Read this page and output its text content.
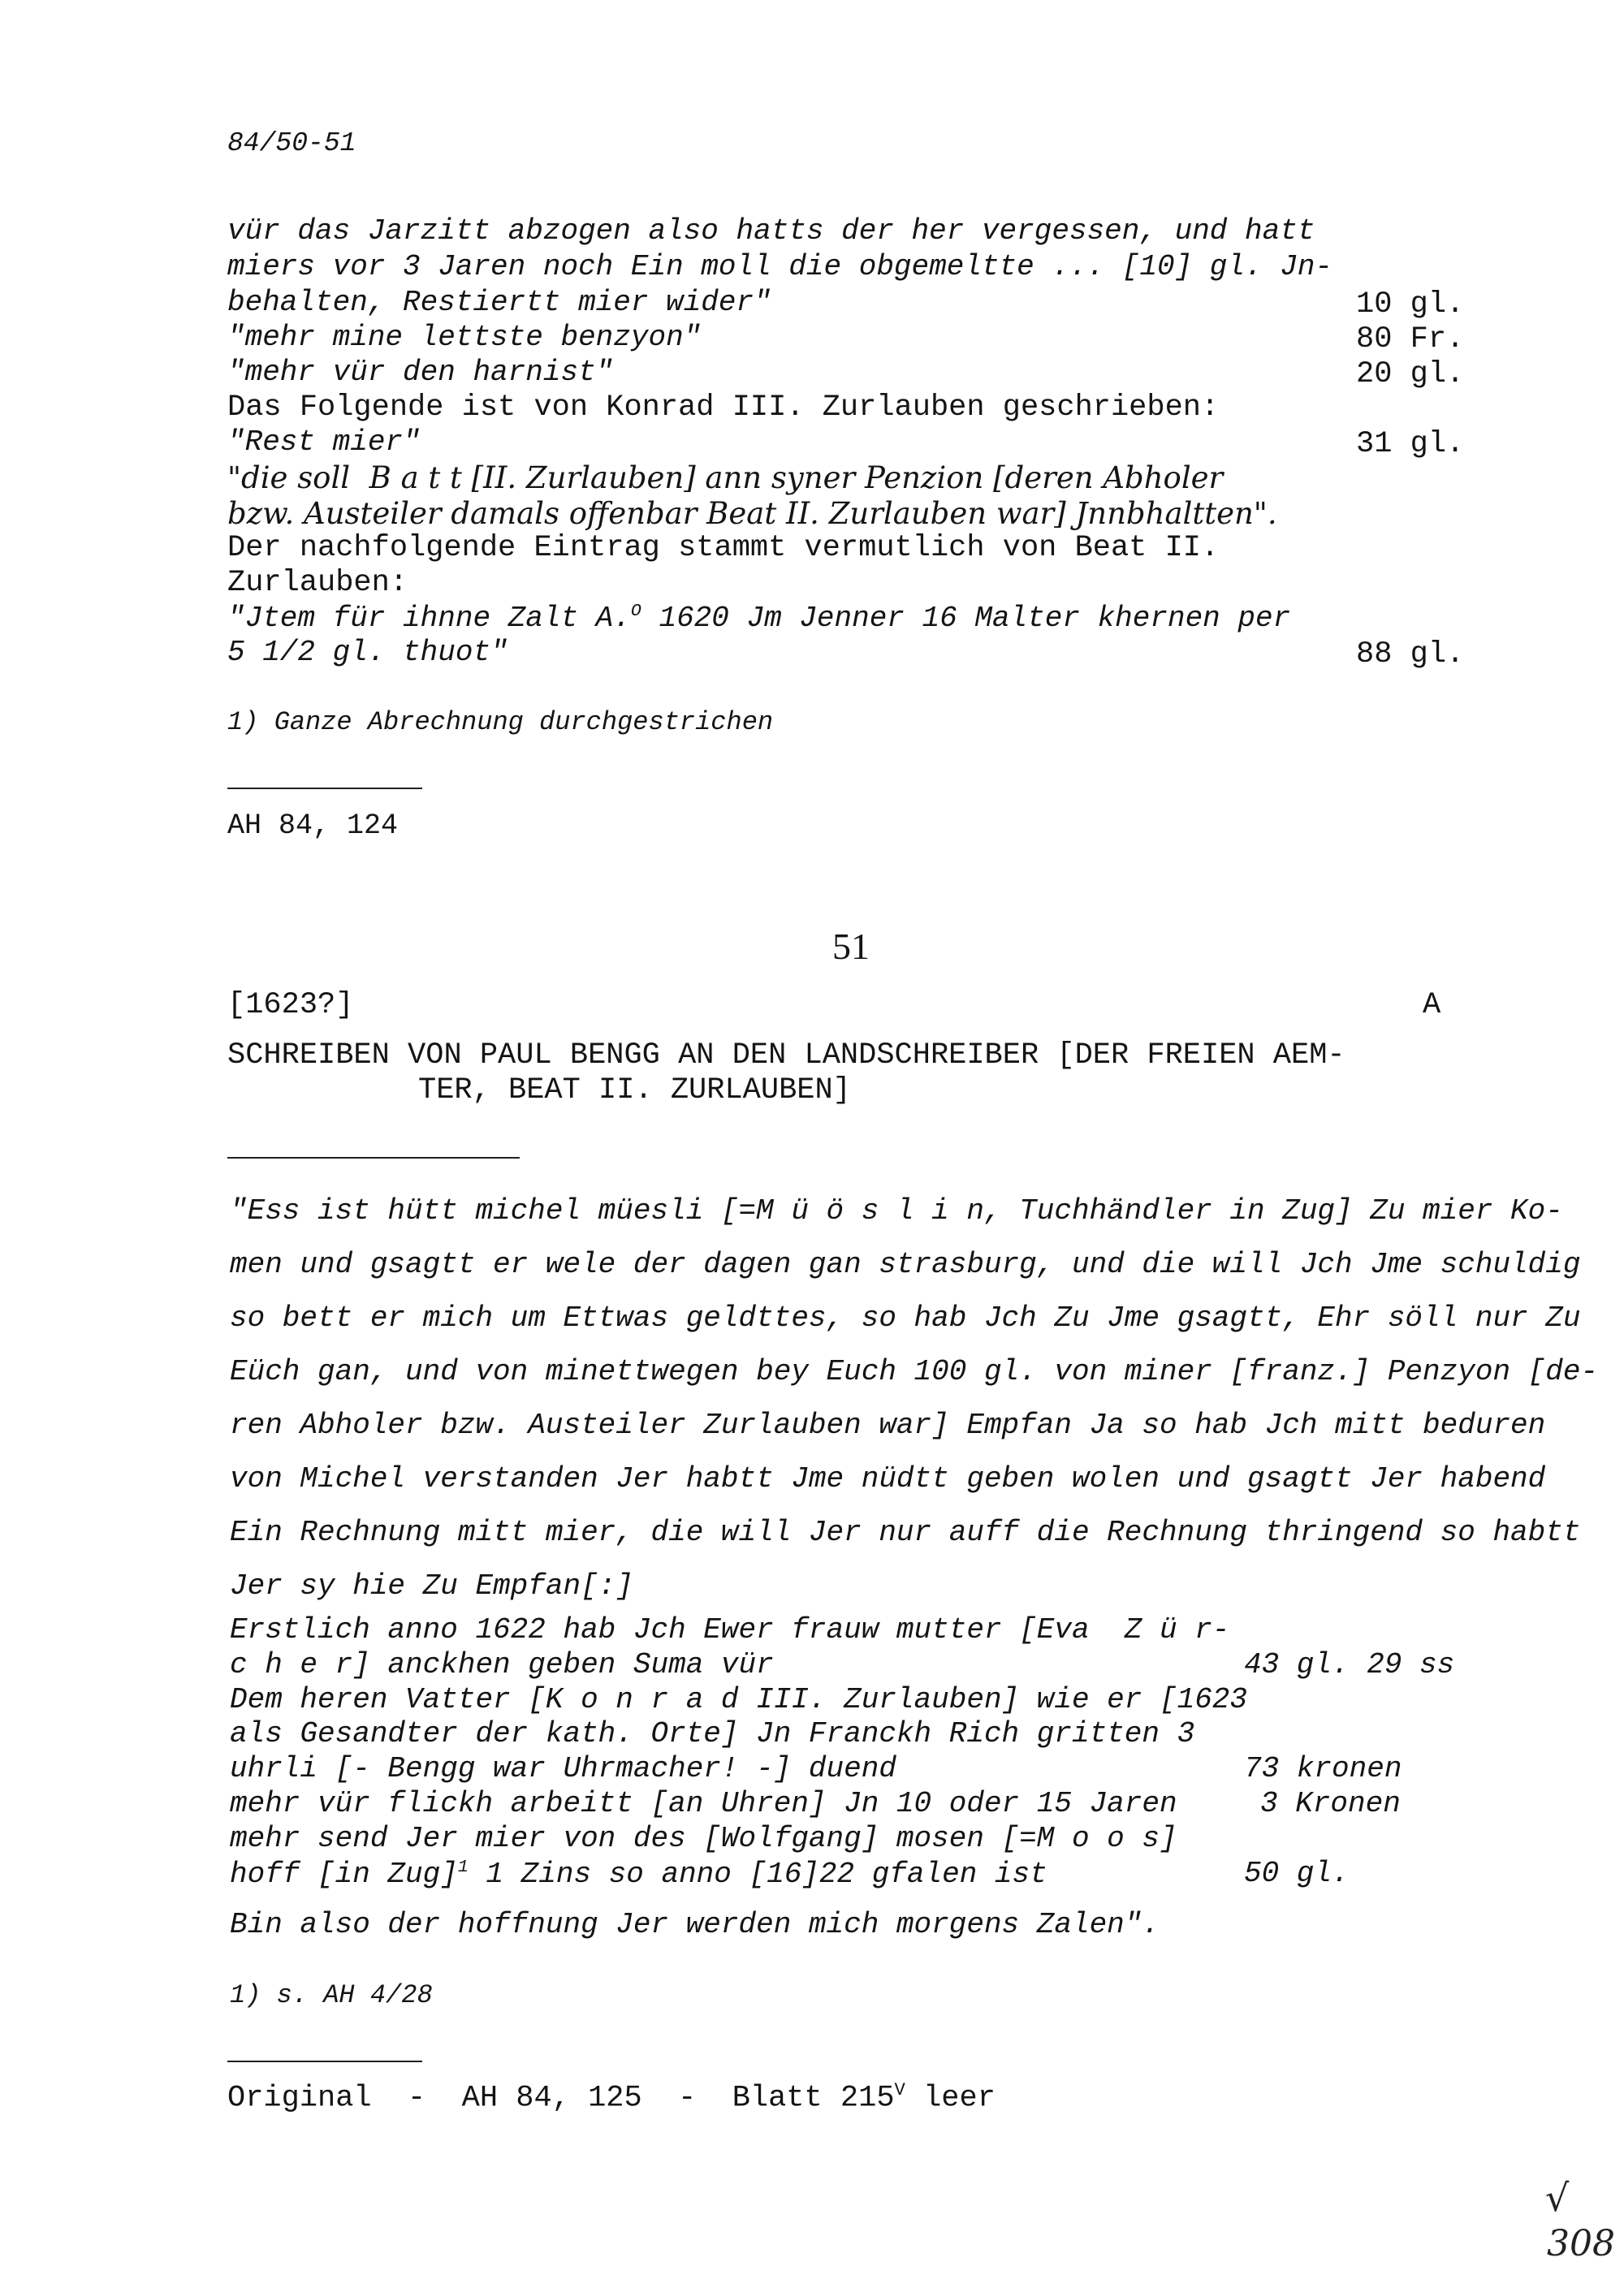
84/50-51
vür das Jarzitt abzogen also hatts der her vergessen, und hatt
miers vor 3 Jaren noch Ein moll die obgemeltte ... [10] gl. Jn-
behalten, Restiertt mier wider"
"mehr mine lettste benzyon"
"mehr vür den harnist"
Das Folgende ist von Konrad III. Zurlauben geschrieben:
"Rest mier"
"die soll  B a t t [II. Zurlauben] ann syner Penzion [deren Abholer
bzw. Austeiler damals offenbar Beat II. Zurlauben war] Jnnbhaltten".
Der nachfolgende Eintrag stammt vermutlich von Beat II.
Zurlauben:
"Jtem für ihnne Zalt A.$^O$ 1620 Jm Jenner 16 Malter khernen per
5 1/2 gl. thuot"
10 gl.
80 Fr.
20 gl.
31 gl.
88 gl.
1) Ganze Abrechnung durchgestrichen
AH 84, 124
51
[1623?]	A
SCHREIBEN VON PAUL BENGG AN DEN LANDSCHREIBER [DER FREIEN AEM-
TER, BEAT II. ZURLAUBEN]
"Ess ist hütt michel müesli [=M ü ö s l i n, Tuchhändler in Zug] Zu mier Ko-
men und gsagtt er wele der dagen gan strasburg, und die will Jch Jme schuldig
so bett er mich um Ettwas geldttes, so hab Jch Zu Jme gsagtt, Ehr söll nur Zu
Eüch gan, und von minettwegen bey Euch 100 gl. von miner [franz.] Penzyon [de-
ren Abholer bzw. Austeiler Zurlauben war] Empfan Ja so hab Jch mitt beduren
von Michel verstanden Jer habtt Jme nüdtt geben wolen und gsagtt Jer habend
Ein Rechnung mitt mier, die will Jer nur auff die Rechnung thringend so habtt
Jer sy hie Zu Empfan[:]
Erstlich anno 1622 hab Jch Ewer frauw mutter [Eva  Z ü r-
c h e r] anckhen geben Suma vür
Dem heren Vatter [K o n r a d III. Zurlauben] wie er [1623
als Gesandter der kath. Orte] Jn Franckh Rich gritten 3
uhrli [- Bengg war Uhrmacher! -] duend
mehr vür flickh arbeitt [an Uhren] Jn 10 oder 15 Jaren
mehr send Jer mier von des [Wolfgang] mosen [=M o o s]
hoff [in Zug]$^1$ 1 Zins so anno [16]22 gfalen ist
43 gl. 29 ss
73 kronen
3 Kronen
50 gl.
Bin also der hoffnung Jer werden mich morgens Zalen".
1) s. AH 4/28
Original  -  AH 84, 125  -  Blatt $215^V$ leer
√
308
